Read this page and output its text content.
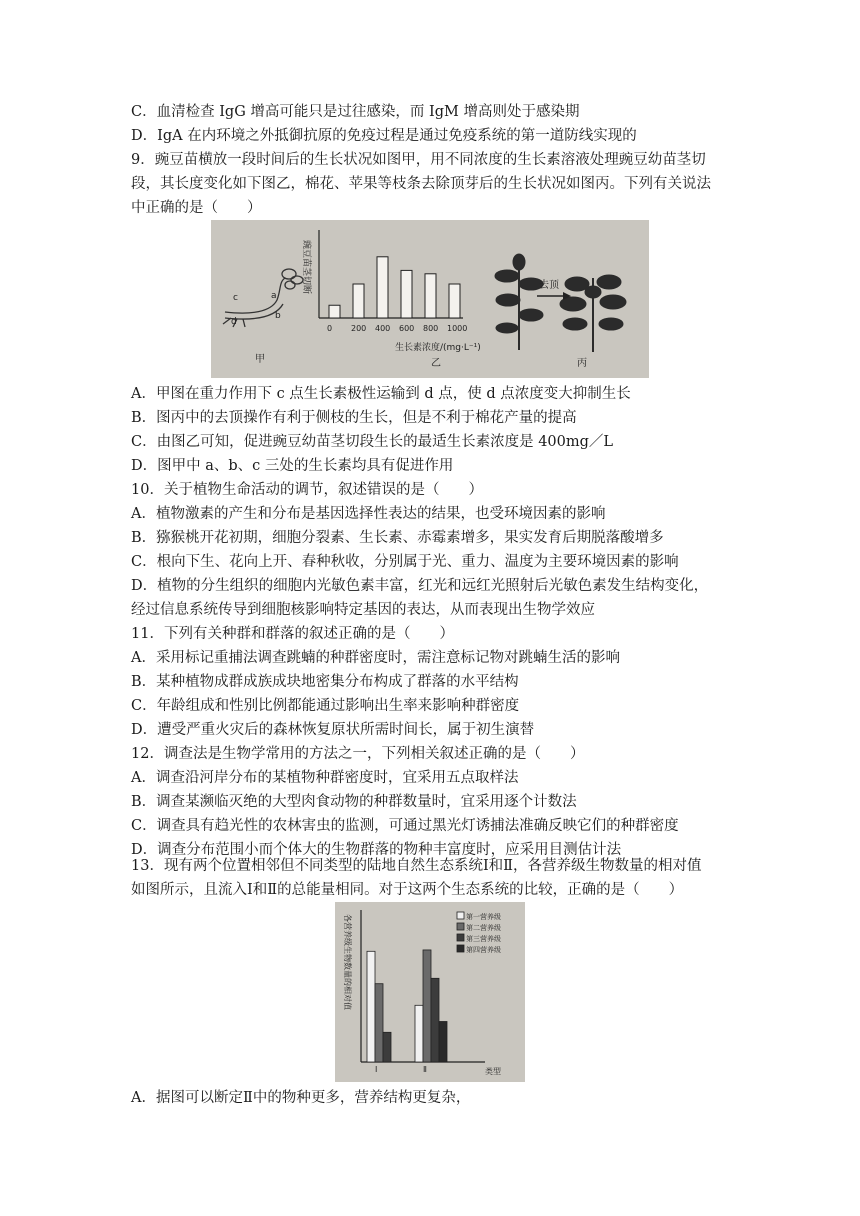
C．血清检查 IgG 增高可能只是过往感染，而 IgM 增高则处于感染期
D．IgA 在内环境之外抵御抗原的免疫过程是通过免疫系统的第一道防线实现的
9．豌豆苗横放一段时间后的生长状况如图甲，用不同浓度的生长素溶液处理豌豆幼苗茎切
段，其长度变化如下图乙，棉花、苹果等枝条去除顶芽后的生长状况如图丙。下列有关说法
中正确的是（　　）
c	a
b
d
甲
豌豆苗茎切断
生长素浓度/(mg·L⁻¹)
0 200 400 600 800 1000
乙
去顶
丙
A．甲图在重力作用下 c 点生长素极性运输到 d 点，使 d 点浓度变大抑制生长
B．图丙中的去顶操作有利于侧枝的生长，但是不利于棉花产量的提高
C．由图乙可知，促进豌豆幼苗茎切段生长的最适生长素浓度是 400mg／L
D．图甲中 a、b、c 三处的生长素均具有促进作用
10．关于植物生命活动的调节，叙述错误的是（　　）
A．植物激素的产生和分布是基因选择性表达的结果，也受环境因素的影响
B．猕猴桃开花初期，细胞分裂素、生长素、赤霉素增多，果实发育后期脱落酸增多
C．根向下生、花向上开、春种秋收，分别属于光、重力、温度为主要环境因素的影响
D．植物的分生组织的细胞内光敏色素丰富，红光和远红光照射后光敏色素发生结构变化，
经过信息系统传导到细胞核影响特定基因的表达，从而表现出生物学效应
11．下列有关种群和群落的叙述正确的是（　　）
A．采用标记重捕法调查跳蝻的种群密度时，需注意标记物对跳蝻生活的影响
B．某种植物成群成族成块地密集分布构成了群落的水平结构
C．年龄组成和性别比例都能通过影响出生率来影响种群密度
D．遭受严重火灾后的森林恢复原状所需时间长，属于初生演替
12．调查法是生物学常用的方法之一，下列相关叙述正确的是（　　）
A．调查沿河岸分布的某植物种群密度时，宜采用五点取样法
B．调查某濒临灭绝的大型肉食动物的种群数量时，宜采用逐个计数法
C．调查具有趋光性的农林害虫的监测，可通过黑光灯诱捕法准确反映它们的种群密度
D．调查分布范围小而个体大的生物群落的物种丰富度时，应采用目测估计法
13．现有两个位置相邻但不同类型的陆地自然生态系统Ⅰ和Ⅱ，各营养级生物数量的相对值
如图所示，且流入Ⅰ和Ⅱ的总能量相同。对于这两个生态系统的比较，正确的是（　　）
各营养级生物数量的相对值
类型
Ⅰ	Ⅱ
第一营养级
第二营养级
第三营养级
第四营养级
A．据图可以断定Ⅱ中的物种更多，营养结构更复杂，
